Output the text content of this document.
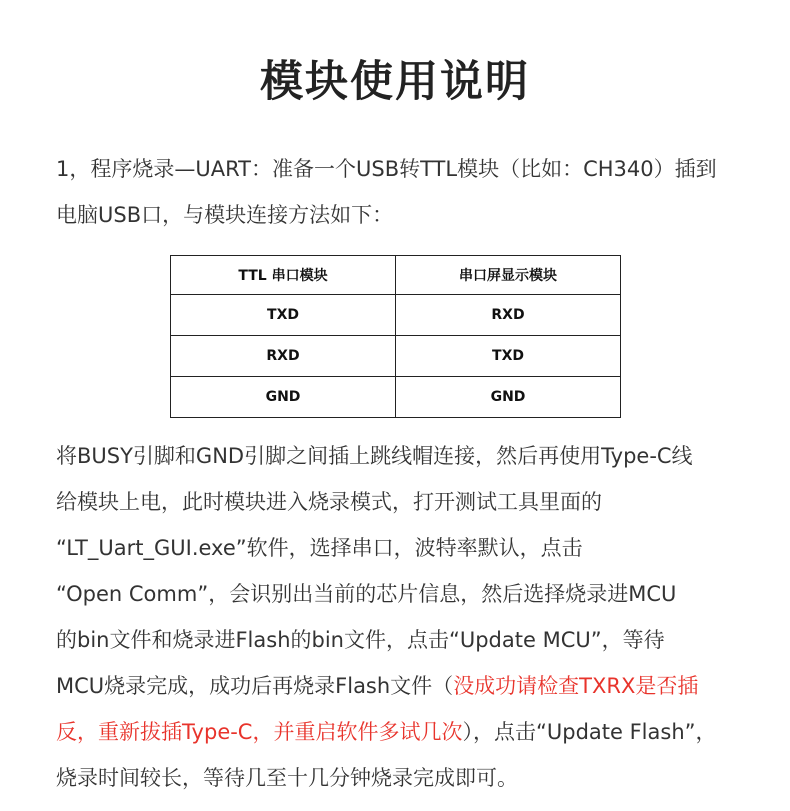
模块使用说明
1，程序烧录—UART：准备一个USB转TTL模块（比如：CH340）插到
电脑USB口，与模块连接方法如下：
TTL 串口模块	串口屏显示模块
TXD	RXD
RXD	TXD
GND	GND
将BUSY引脚和GND引脚之间插上跳线帽连接，然后再使用Type-C线
给模块上电，此时模块进入烧录模式，打开测试工具里面的
“LT_Uart_GUI.exe”软件，选择串口，波特率默认，点击
“Open Comm”，会识别出当前的芯片信息，然后选择烧录进MCU
的bin文件和烧录进Flash的bin文件，点击“Update MCU”，等待
MCU烧录完成，成功后再烧录Flash文件（没成功请检查TXRX是否插
反，重新拔插Type-C，并重启软件多试几次），点击“Update Flash”，
烧录时间较长，等待几至十几分钟烧录完成即可。
